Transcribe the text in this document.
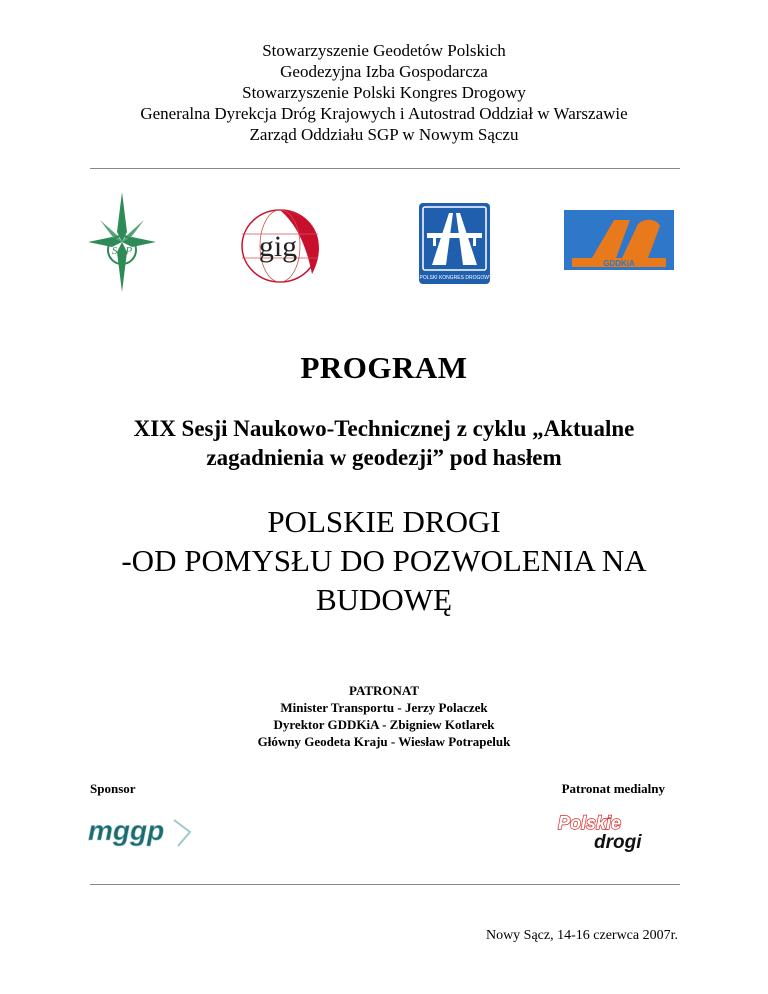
Stowarzyszenie Geodetów Polskich
Geodezyjna Izba Gospodarcza
Stowarzyszenie Polski Kongres Drogowy
Generalna Dyrekcja Dróg Krajowych i Autostrad Oddział w Warszawie
Zarząd Oddziału SGP w Nowym Sączu
SGP	gig
I POLSKI KONGRES DROGOWY
GDDKiA
PROGRAM
XIX Sesji Naukowo-Technicznej z cyklu „Aktualne
zagadnienia w geodezji” pod hasłem
POLSKIE DROGI
-OD POMYSŁU DO POZWOLENIA NA
BUDOWĘ
PATRONAT
Minister Transportu - Jerzy Polaczek
Dyrektor GDDKiA - Zbigniew Kotlarek
Główny Geodeta Kraju - Wiesław Potrapeluk
Sponsor	Patronat medialny
mggp	Polskie
drogi
Nowy Sącz, 14-16 czerwca 2007r.
